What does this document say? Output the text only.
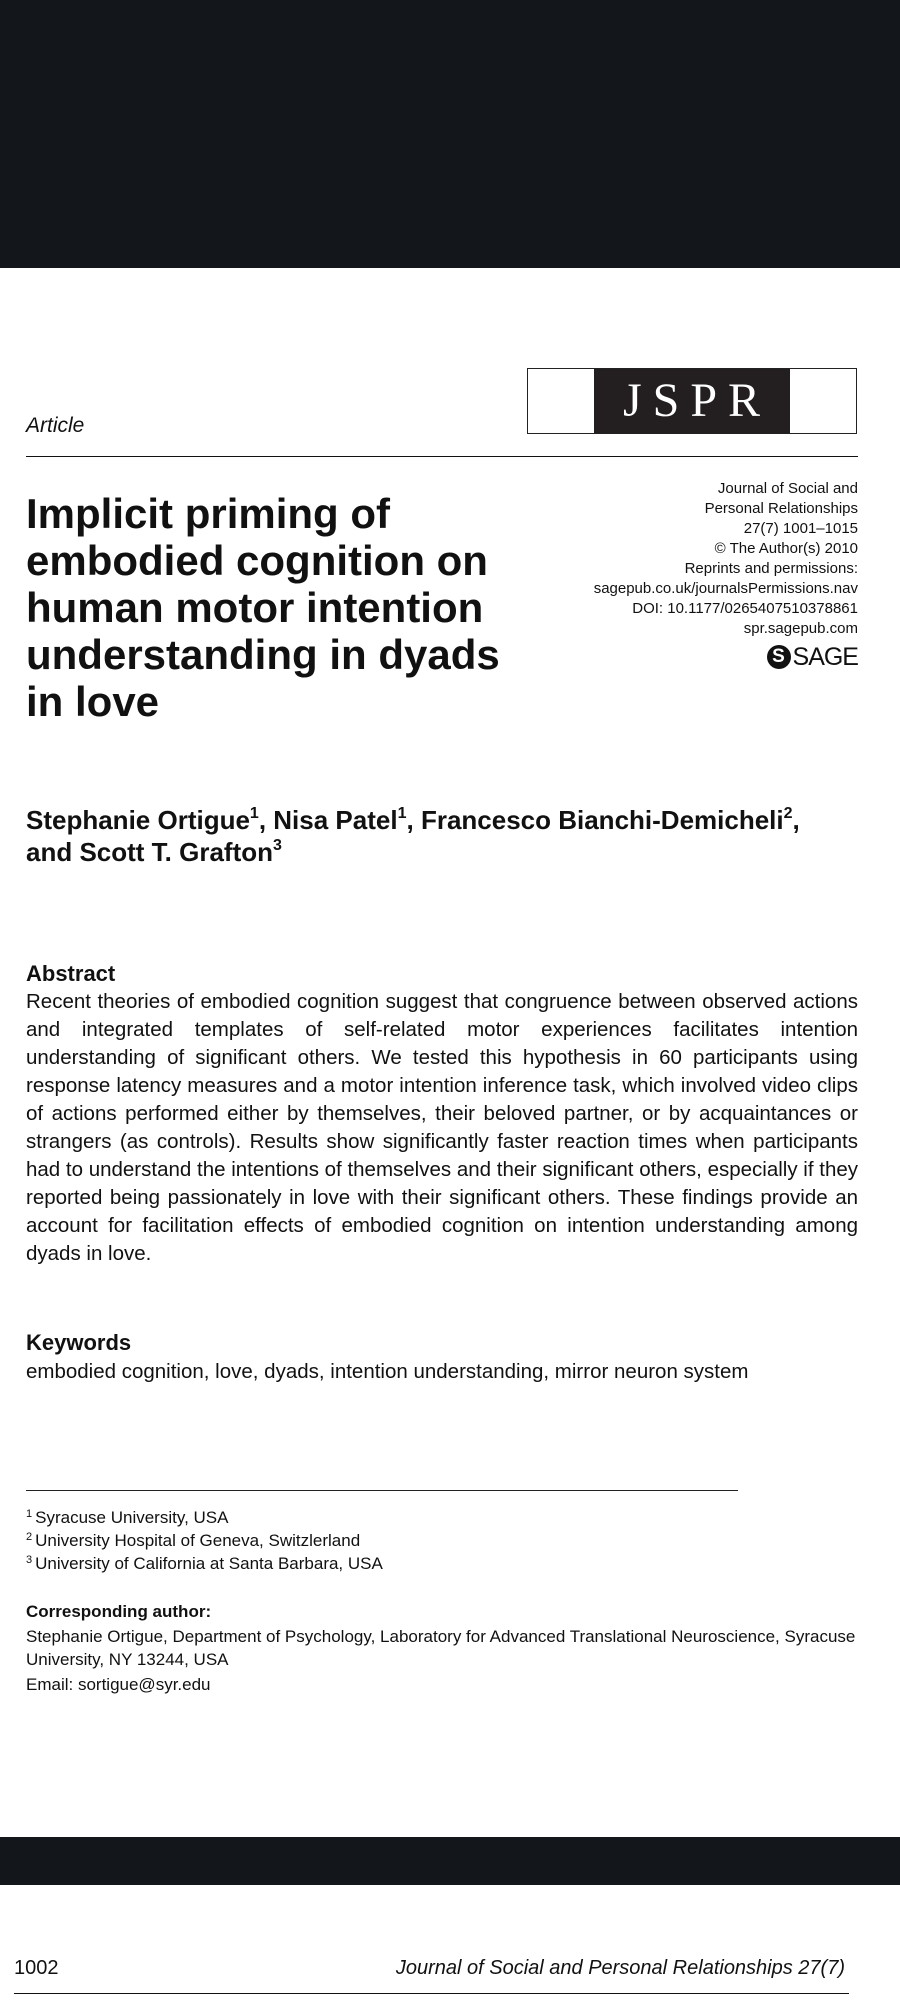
JSPR
Article
Implicit priming of embodied cognition on human motor intention understanding in dyads in love
Journal of Social and
Personal Relationships
27(7) 1001–1015
© The Author(s) 2010
Reprints and permissions:
sagepub.co.uk/journalsPermissions.nav
DOI: 10.1177/0265407510378861
spr.sagepub.com
S SAGE
Stephanie Ortigue$^1$, Nisa Patel$^1$, Francesco Bianchi-Demicheli$^2$,
and Scott T. Grafton$^3$
Abstract

Recent theories of embodied cognition suggest that congruence between observed actions and integrated templates of self-related motor experiences facilitates intention understanding of significant others. We tested this hypothesis in 60 participants using response latency measures and a motor intention inference task, which involved video clips of actions performed either by themselves, their beloved partner, or by acquaintances or strangers (as controls). Results show significantly faster reaction times when participants had to understand the intentions of themselves and their significant others, especially if they reported being passionately in love with their significant others. These findings provide an account for facilitation effects of embodied cognition on intention understanding among dyads in love.

Keywords
embodied cognition, love, dyads, intention understanding, mirror neuron system
$^1$ Syracuse University, USA
$^2$ University Hospital of Geneva, Switzlerland
$^3$ University of California at Santa Barbara, USA
Corresponding author:
Stephanie Ortigue, Department of Psychology, Laboratory for Advanced Translational Neuroscience, Syracuse University, NY 13244, USA
Email: sortigue@syr.edu
1002	Journal of Social and Personal Relationships 27(7)
